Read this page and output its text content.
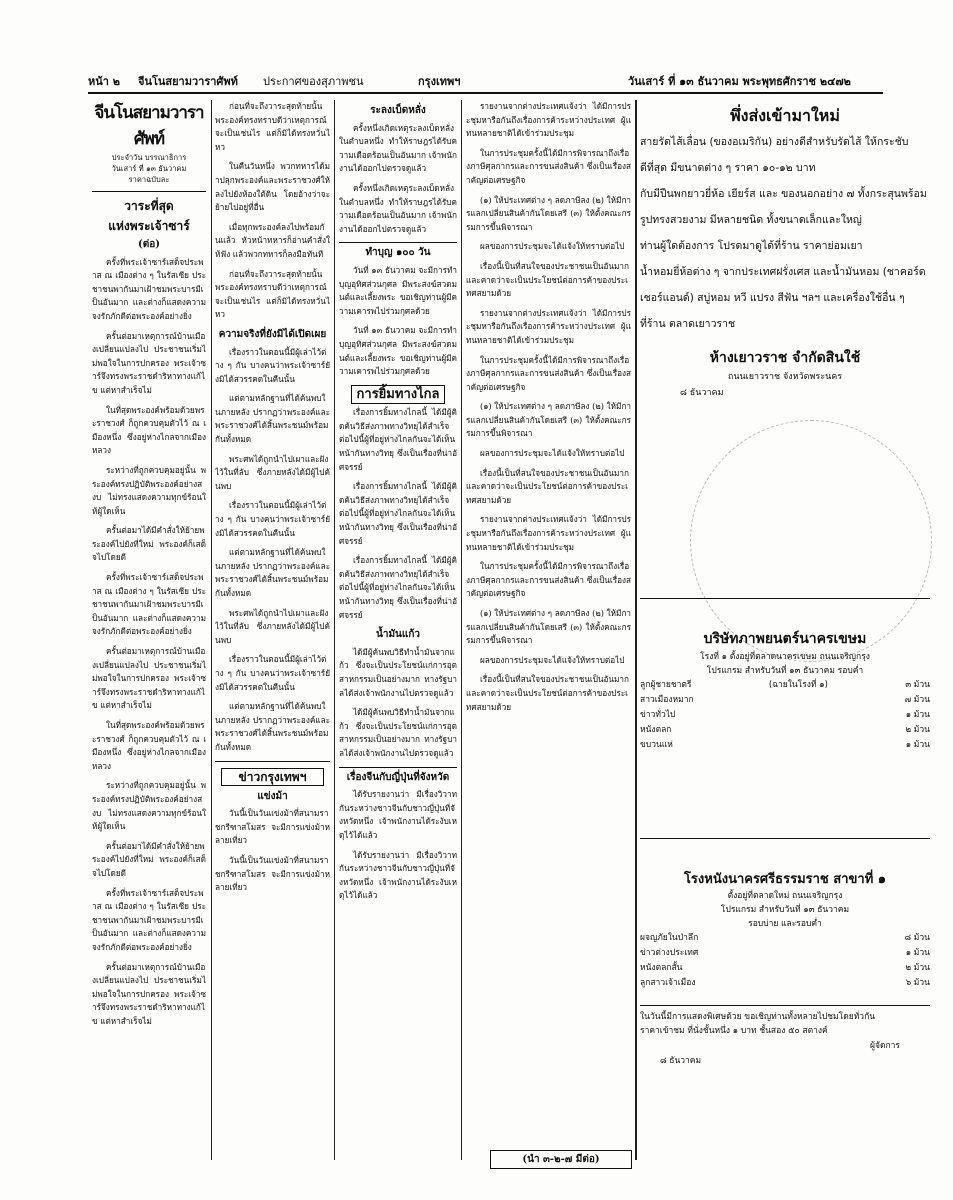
หน้า ๒ จีนโนสยามวาราศัพท์ ประกาศของสุภาพชน	กรุงเทพฯ	วันเสาร์ ที่ ๑๓ ธันวาคม พระพุทธศักราช ๒๔๗๒
จีนโนสยามวาราศัพท์
ประจำวัน บรรณาธิการ
วันเสาร์ ที่ ๑๓ ธันวาคม
ราคาฉบับละ
วาระที่สุด
แห่งพระเจ้าซาร์
(ต่อ)

ครั้งที่พระเจ้าซาร์เสด็จประพาส ณ เมืองต่าง ๆ ในรัสเซีย ประชาชนพากันมาเฝ้าชมพระบารมีเป็นอันมาก และต่างก็แสดงความจงรักภักดีต่อพระองค์อย่างยิ่ง

ครั้นต่อมาเหตุการณ์บ้านเมืองเปลี่ยนแปลงไป ประชาชนเริ่มไม่พอใจในการปกครอง พระเจ้าซาร์จึงทรงพระราชดำริหาทางแก้ไข แต่หาสำเร็จไม่

ในที่สุดพระองค์พร้อมด้วยพระราชวงศ์ ก็ถูกควบคุมตัวไว้ ณ เมืองหนึ่ง ซึ่งอยู่ห่างไกลจากเมืองหลวง

ระหว่างที่ถูกควบคุมอยู่นั้น พระองค์ทรงปฏิบัติพระองค์อย่างสงบ ไม่ทรงแสดงความทุกข์ร้อนให้ผู้ใดเห็น

ครั้นต่อมาได้มีคำสั่งให้ย้ายพระองค์ไปยังที่ใหม่ พระองค์ก็เสด็จไปโดยดี

ครั้งที่พระเจ้าซาร์เสด็จประพาส ณ เมืองต่าง ๆ ในรัสเซีย ประชาชนพากันมาเฝ้าชมพระบารมีเป็นอันมาก และต่างก็แสดงความจงรักภักดีต่อพระองค์อย่างยิ่ง

ครั้นต่อมาเหตุการณ์บ้านเมืองเปลี่ยนแปลงไป ประชาชนเริ่มไม่พอใจในการปกครอง พระเจ้าซาร์จึงทรงพระราชดำริหาทางแก้ไข แต่หาสำเร็จไม่

ในที่สุดพระองค์พร้อมด้วยพระราชวงศ์ ก็ถูกควบคุมตัวไว้ ณ เมืองหนึ่ง ซึ่งอยู่ห่างไกลจากเมืองหลวง

ระหว่างที่ถูกควบคุมอยู่นั้น พระองค์ทรงปฏิบัติพระองค์อย่างสงบ ไม่ทรงแสดงความทุกข์ร้อนให้ผู้ใดเห็น

ครั้นต่อมาได้มีคำสั่งให้ย้ายพระองค์ไปยังที่ใหม่ พระองค์ก็เสด็จไปโดยดี

ครั้งที่พระเจ้าซาร์เสด็จประพาส ณ เมืองต่าง ๆ ในรัสเซีย ประชาชนพากันมาเฝ้าชมพระบารมีเป็นอันมาก และต่างก็แสดงความจงรักภักดีต่อพระองค์อย่างยิ่ง

ครั้นต่อมาเหตุการณ์บ้านเมืองเปลี่ยนแปลงไป ประชาชนเริ่มไม่พอใจในการปกครอง พระเจ้าซาร์จึงทรงพระราชดำริหาทางแก้ไข แต่หาสำเร็จไม่

ก่อนที่จะถึงวาระสุดท้ายนั้น พระองค์ทรงทราบดีว่าเหตุการณ์จะเป็นเช่นไร แต่ก็มิได้ทรงหวั่นไหว

ในคืนวันหนึ่ง พวกทหารได้มาปลุกพระองค์และพระราชวงศ์ให้ลงไปยังห้องใต้ดิน โดยอ้างว่าจะย้ายไปอยู่ที่อื่น

เมื่อทุกพระองค์ลงไปพร้อมกันแล้ว หัวหน้าทหารก็อ่านคำสั่งให้ฟัง แล้วพวกทหารก็ลงมือทันที

ก่อนที่จะถึงวาระสุดท้ายนั้น พระองค์ทรงทราบดีว่าเหตุการณ์จะเป็นเช่นไร แต่ก็มิได้ทรงหวั่นไหว

ความจริงที่ยังมิได้เปิดเผย

เรื่องราวในตอนนี้มีผู้เล่าไว้ต่าง ๆ กัน บางคนว่าพระเจ้าซาร์ยังมิได้สวรรคตในคืนนั้น

แต่ตามหลักฐานที่ได้ค้นพบในภายหลัง ปรากฏว่าพระองค์และพระราชวงศ์ได้สิ้นพระชนม์พร้อมกันทั้งหมด

พระศพได้ถูกนำไปเผาและฝังไว้ในที่ลับ ซึ่งภายหลังได้มีผู้ไปค้นพบ

เรื่องราวในตอนนี้มีผู้เล่าไว้ต่าง ๆ กัน บางคนว่าพระเจ้าซาร์ยังมิได้สวรรคตในคืนนั้น

แต่ตามหลักฐานที่ได้ค้นพบในภายหลัง ปรากฏว่าพระองค์และพระราชวงศ์ได้สิ้นพระชนม์พร้อมกันทั้งหมด

พระศพได้ถูกนำไปเผาและฝังไว้ในที่ลับ ซึ่งภายหลังได้มีผู้ไปค้นพบ

เรื่องราวในตอนนี้มีผู้เล่าไว้ต่าง ๆ กัน บางคนว่าพระเจ้าซาร์ยังมิได้สวรรคตในคืนนั้น

แต่ตามหลักฐานที่ได้ค้นพบในภายหลัง ปรากฏว่าพระองค์และพระราชวงศ์ได้สิ้นพระชนม์พร้อมกันทั้งหมด

ข่าวกรุงเทพฯ
แข่งม้า

วันนี้เป็นวันแข่งม้าที่สนามราชกรีฑาสโมสร จะมีการแข่งม้าหลายเที่ยว

วันนี้เป็นวันแข่งม้าที่สนามราชกรีฑาสโมสร จะมีการแข่งม้าหลายเที่ยว

ระลงเบ็ดหลั่ง

ครั้งหนึ่งเกิดเหตุระลงเบ็ดหลั่งในตำบลหนึ่ง ทำให้ราษฎรได้รับความเดือดร้อนเป็นอันมาก เจ้าพนักงานได้ออกไปตรวจดูแล้ว

ครั้งหนึ่งเกิดเหตุระลงเบ็ดหลั่งในตำบลหนึ่ง ทำให้ราษฎรได้รับความเดือดร้อนเป็นอันมาก เจ้าพนักงานได้ออกไปตรวจดูแล้ว

ทำบุญ ๑๐๐ วัน

วันที่ ๑๓ ธันวาคม จะมีการทำบุญอุทิศส่วนกุศล มีพระสงฆ์สวดมนต์และเลี้ยงพระ ขอเชิญท่านผู้มีความเคารพไปร่วมกุศลด้วย

วันที่ ๑๓ ธันวาคม จะมีการทำบุญอุทิศส่วนกุศล มีพระสงฆ์สวดมนต์และเลี้ยงพระ ขอเชิญท่านผู้มีความเคารพไปร่วมกุศลด้วย

การยิ้มทางไกล

เรื่องการยิ้มทางไกลนี้ ได้มีผู้คิดค้นวิธีส่งภาพทางวิทยุได้สำเร็จ ต่อไปนี้ผู้ที่อยู่ห่างไกลกันจะได้เห็นหน้ากันทางวิทยุ ซึ่งเป็นเรื่องที่น่าอัศจรรย์

เรื่องการยิ้มทางไกลนี้ ได้มีผู้คิดค้นวิธีส่งภาพทางวิทยุได้สำเร็จ ต่อไปนี้ผู้ที่อยู่ห่างไกลกันจะได้เห็นหน้ากันทางวิทยุ ซึ่งเป็นเรื่องที่น่าอัศจรรย์

เรื่องการยิ้มทางไกลนี้ ได้มีผู้คิดค้นวิธีส่งภาพทางวิทยุได้สำเร็จ ต่อไปนี้ผู้ที่อยู่ห่างไกลกันจะได้เห็นหน้ากันทางวิทยุ ซึ่งเป็นเรื่องที่น่าอัศจรรย์

น้ำมันแก้ว

ได้มีผู้ค้นพบวิธีทำน้ำมันจากแก้ว ซึ่งจะเป็นประโยชน์แก่การอุตสาหกรรมเป็นอย่างมาก ทางรัฐบาลได้ส่งเจ้าพนักงานไปตรวจดูแล้ว

ได้มีผู้ค้นพบวิธีทำน้ำมันจากแก้ว ซึ่งจะเป็นประโยชน์แก่การอุตสาหกรรมเป็นอย่างมาก ทางรัฐบาลได้ส่งเจ้าพนักงานไปตรวจดูแล้ว

เรื่องจีนกับญี่ปุ่นที่จังหวัด

ได้รับรายงานว่า มีเรื่องวิวาทกันระหว่างชาวจีนกับชาวญี่ปุ่นที่จังหวัดหนึ่ง เจ้าพนักงานได้ระงับเหตุไว้ได้แล้ว

ได้รับรายงานว่า มีเรื่องวิวาทกันระหว่างชาวจีนกับชาวญี่ปุ่นที่จังหวัดหนึ่ง เจ้าพนักงานได้ระงับเหตุไว้ได้แล้ว

รายงานจากต่างประเทศแจ้งว่า ได้มีการประชุมหารือกันถึงเรื่องการค้าระหว่างประเทศ ผู้แทนหลายชาติได้เข้าร่วมประชุม

ในการประชุมครั้งนี้ได้มีการพิจารณาถึงเรื่องภาษีศุลกากรและการขนส่งสินค้า ซึ่งเป็นเรื่องสำคัญต่อเศรษฐกิจ

(๑) ให้ประเทศต่าง ๆ ลดภาษีลง (๒) ให้มีการแลกเปลี่ยนสินค้ากันโดยเสรี (๓) ให้ตั้งคณะกรรมการขึ้นพิจารณา

ผลของการประชุมจะได้แจ้งให้ทราบต่อไป

เรื่องนี้เป็นที่สนใจของประชาชนเป็นอันมาก และคาดว่าจะเป็นประโยชน์ต่อการค้าของประเทศสยามด้วย

รายงานจากต่างประเทศแจ้งว่า ได้มีการประชุมหารือกันถึงเรื่องการค้าระหว่างประเทศ ผู้แทนหลายชาติได้เข้าร่วมประชุม

ในการประชุมครั้งนี้ได้มีการพิจารณาถึงเรื่องภาษีศุลกากรและการขนส่งสินค้า ซึ่งเป็นเรื่องสำคัญต่อเศรษฐกิจ

(๑) ให้ประเทศต่าง ๆ ลดภาษีลง (๒) ให้มีการแลกเปลี่ยนสินค้ากันโดยเสรี (๓) ให้ตั้งคณะกรรมการขึ้นพิจารณา

ผลของการประชุมจะได้แจ้งให้ทราบต่อไป

เรื่องนี้เป็นที่สนใจของประชาชนเป็นอันมาก และคาดว่าจะเป็นประโยชน์ต่อการค้าของประเทศสยามด้วย

รายงานจากต่างประเทศแจ้งว่า ได้มีการประชุมหารือกันถึงเรื่องการค้าระหว่างประเทศ ผู้แทนหลายชาติได้เข้าร่วมประชุม

ในการประชุมครั้งนี้ได้มีการพิจารณาถึงเรื่องภาษีศุลกากรและการขนส่งสินค้า ซึ่งเป็นเรื่องสำคัญต่อเศรษฐกิจ

(๑) ให้ประเทศต่าง ๆ ลดภาษีลง (๒) ให้มีการแลกเปลี่ยนสินค้ากันโดยเสรี (๓) ให้ตั้งคณะกรรมการขึ้นพิจารณา

ผลของการประชุมจะได้แจ้งให้ทราบต่อไป

เรื่องนี้เป็นที่สนใจของประชาชนเป็นอันมาก และคาดว่าจะเป็นประโยชน์ต่อการค้าของประเทศสยามด้วย

(นำ ๓-๒-๗ มีต่อ)
พึ่งส่งเข้ามาใหม่
สายรัดไส้เลื่อน (ของอเมริกัน) อย่างดีสำหรับรัดไส้ ให้กระชับ
ดีที่สุด มีขนาดต่าง ๆ ราคา ๑๐-๑๒ บาท
กับมีปืนพกยาวยี่ห้อ เยียร์ส และ ของนอกอย่าง ๗ ทั้งกระสุนพร้อม
รูปทรงสวยงาม มีหลายชนิด ทั้งขนาดเล็กและใหญ่
ท่านผู้ใดต้องการ โปรดมาดูได้ที่ร้าน ราคาย่อมเยา
น้ำหอมยี่ห้อต่าง ๆ จากประเทศฝรั่งเศส และน้ำมันหอม (ชาคอร์ด
เชอร์แอนด์) สบู่หอม หวี แปรง สีฟัน ฯลฯ และเครื่องใช้อื่น ๆ
ที่ร้าน ตลาดเยาวราช
ห้างเยาวราช จำกัดสินใช้
ถนนเยาวราช จังหวัดพระนคร
๘ ธันวาคม
บริษัทภาพยนตร์นาครเขษม
โรงที่ ๑ ตั้งอยู่ที่ตลาดนาครเขษม ถนนเจริญกรุง
โปรแกรม สำหรับวันที่ ๑๓ ธันวาคม รอบค่ำ
ลูกผู้ชายชาตรี	(ฉายในโรงที่ ๑)	๓ ม้วน
สาวเมืองหมาก	๗ ม้วน
ข่าวทั่วไป	๑ ม้วน
หนังตลก	๒ ม้วน
ขบวนแห่	๑ ม้วน
โรงหนังนาครศรีธรรมราช สาขาที่ ๑
ตั้งอยู่ที่ตลาดใหม่ ถนนเจริญกรุง
โปรแกรม สำหรับวันที่ ๑๓ ธันวาคม
รอบบ่าย และรอบค่ำ
ผจญภัยในป่าลึก	๘ ม้วน
ข่าวต่างประเทศ	๑ ม้วน
หนังตลกสั้น	๒ ม้วน
ลูกสาวเจ้าเมือง	๖ ม้วน
ในวันนี้มีการแสดงพิเศษด้วย ขอเชิญท่านทั้งหลายไปชมโดยทั่วกัน
ราคาเข้าชม ที่นั่งชั้นหนึ่ง ๑ บาท ชั้นสอง ๕๐ สตางค์
ผู้จัดการ
๘ ธันวาคม
